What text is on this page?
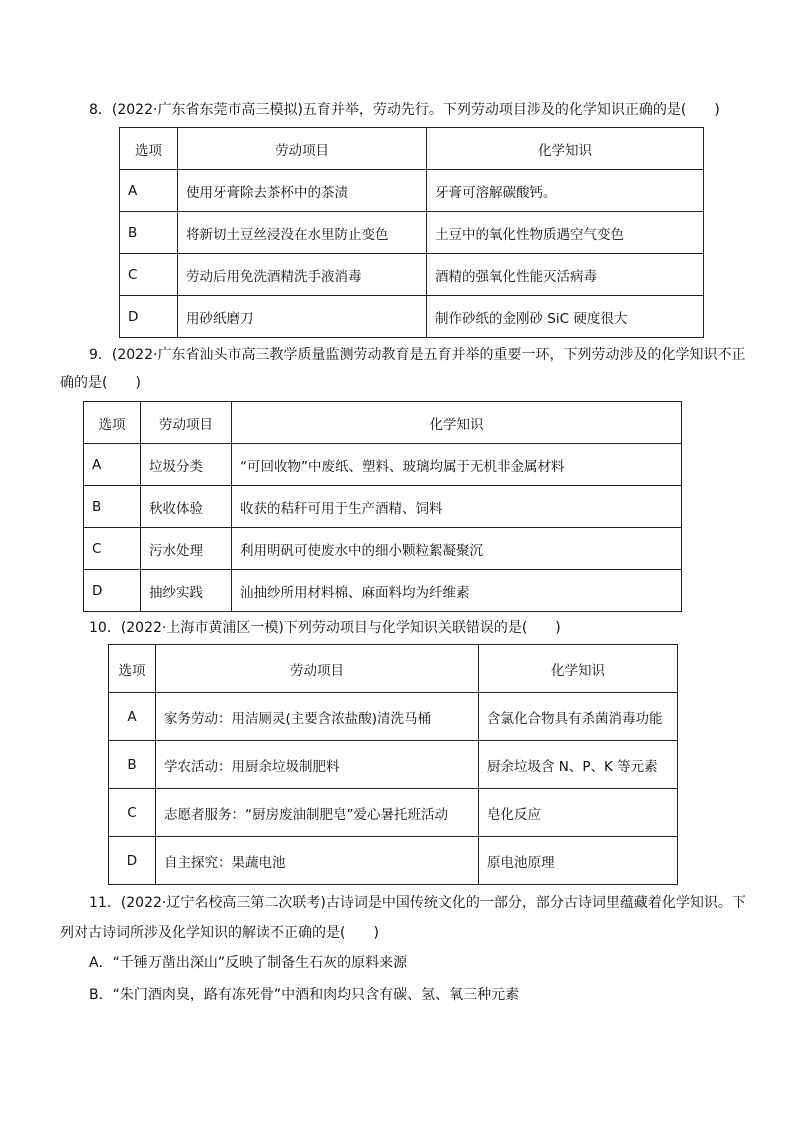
8．(2022·广东省东莞市高三模拟)五育并举，劳动先行。下列劳动项目涉及的化学知识正确的是(　　)

选项	劳动项目	化学知识
A	使用牙膏除去茶杯中的茶渍	牙膏可溶解碳酸钙。
B	将新切土豆丝浸没在水里防止变色	土豆中的氧化性物质遇空气变色
C	劳动后用免洗酒精洗手液消毒	酒精的强氧化性能灭活病毒
D	用砂纸磨刀	制作砂纸的金刚砂 SiC 硬度很大

9．(2022·广东省汕头市高三教学质量监测劳动教育是五育并举的重要一环，下列劳动涉及的化学知识不正

确的是(　　)

选项	劳动项目	化学知识
A	垃圾分类	“可回收物”中废纸、塑料、玻璃均属于无机非金属材料
B	秋收体验	收获的秸秆可用于生产酒精、饲料
C	污水处理	利用明矾可使废水中的细小颗粒絮凝聚沉
D	抽纱实践	汕抽纱所用材料棉、麻面料均为纤维素

10．(2022·上海市黄浦区一模)下列劳动项目与化学知识关联错误的是(　　)

选项	劳动项目	化学知识
A	家务劳动：用洁厕灵(主要含浓盐酸)清洗马桶	含氯化合物具有杀菌消毒功能
B	学农活动：用厨余垃圾制肥料	厨余垃圾含 N、P、K 等元素
C	志愿者服务：“厨房废油制肥皂”爱心暑托班活动	皂化反应
D	自主探究：果蔬电池	原电池原理

11．(2022·辽宁名校高三第二次联考)古诗词是中国传统文化的一部分，部分古诗词里蕴藏着化学知识。下

列对古诗词所涉及化学知识的解读不正确的是(　　)

A．“千锤万凿出深山”反映了制备生石灰的原料来源

B．“朱门酒肉臭，路有冻死骨”中酒和肉均只含有碳、氢、氧三种元素
